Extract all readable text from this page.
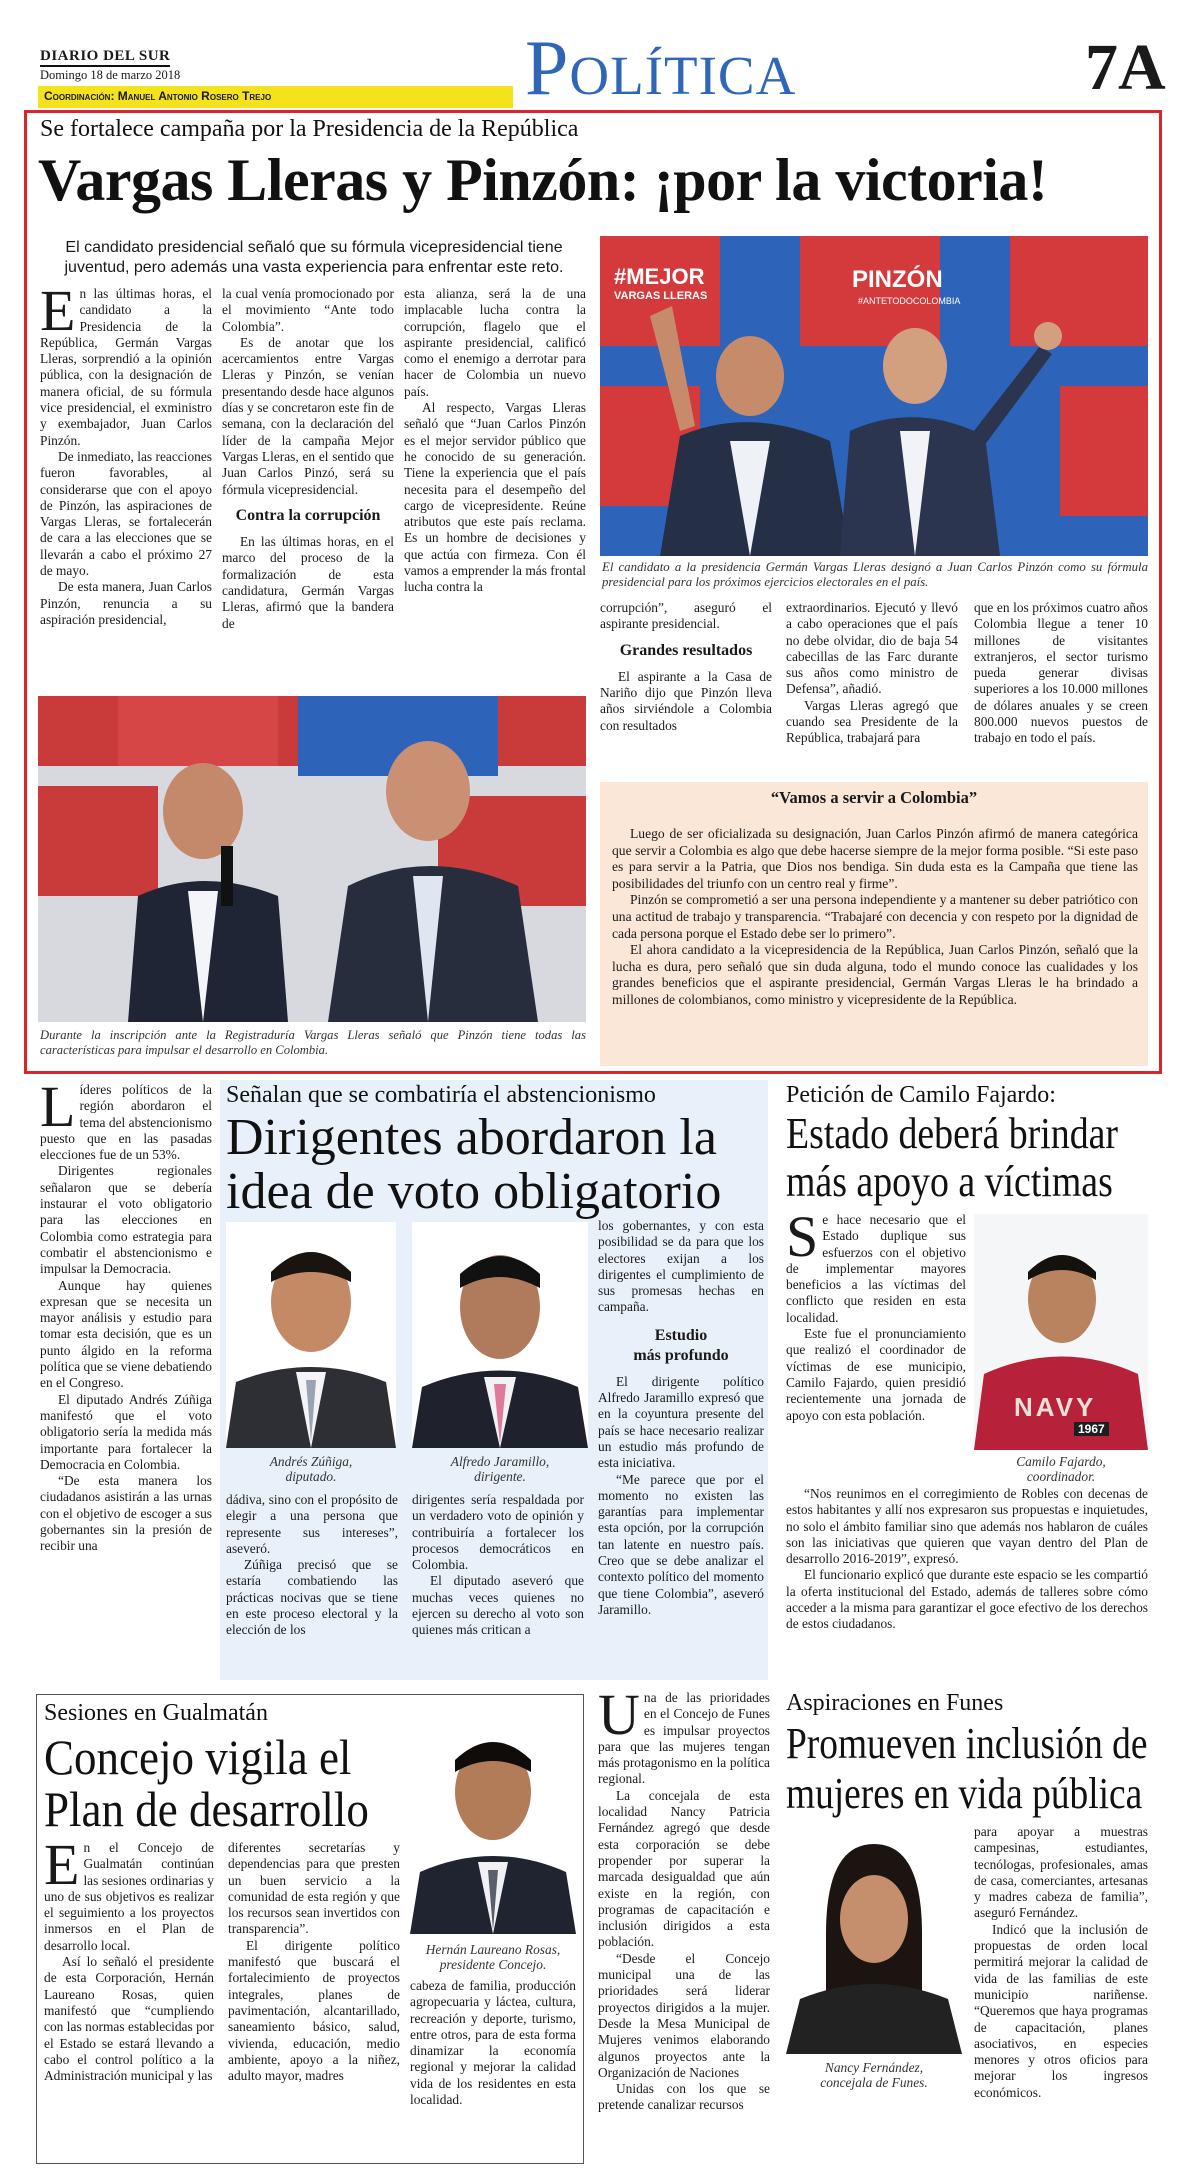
DIARIO DEL SUR
Domingo 18 de marzo 2018
Coordinación: Manuel Antonio Rosero Trejo	Política	7A
Se fortalece campaña por la Presidencia de la República
Vargas Lleras y Pinzón: ¡por la victoria!
El candidato presidencial señaló que su fórmula vicepresidencial tiene juventud, pero además una vasta experiencia para enfrentar este reto.
E n las últimas horas, el candidato a la Presidencia de la República, Germán Vargas Lleras, sorprendió a la opinión pública, con la designación de manera oficial, de su fórmula vice presidencial, el exministro y exembajador, Juan Carlos Pinzón.

De inmediato, las reacciones fueron favorables, al considerarse que con el apoyo de Pinzón, las aspiraciones de Vargas Lleras, se fortalecerán de cara a las elecciones que se llevarán a cabo el próximo 27 de mayo.

De esta manera, Juan Carlos Pinzón, renuncia a su aspiración presidencial,

la cual venía promocionado por el movimiento “Ante todo Colombia”.

Es de anotar que los acercamientos entre Vargas Lleras y Pinzón, se venían presentando desde hace algunos días y se concretaron este fin de semana, con la declaración del líder de la campaña Mejor Vargas Lleras, en el sentido que Juan Carlos Pinzó, será su fórmula vicepresidencial.

Contra la corrupción

En las últimas horas, en el marco del proceso de la formalización de esta candidatura, Germán Vargas Lleras, afirmó que la bandera de

esta alianza, será la de una implacable lucha contra la corrupción, flagelo que el aspirante presidencial, calificó como el enemigo a derrotar para hacer de Colombia un nuevo país.

Al respecto, Vargas Lleras señaló que “Juan Carlos Pinzón es el mejor servidor público que he conocido de su generación. Tiene la experiencia que el país necesita para el desempeño del cargo de vicepresidente. Reúne atributos que este país reclama. Es un hombre de decisiones y que actúa con firmeza. Con él vamos a emprender la más frontal lucha contra la

#MEJOR
VARGAS LLERAS
PINZÓN
#ANTETODOCOLOMBIA
El candidato a la presidencia Germán Vargas Lleras designó a Juan Carlos Pinzón como su fórmula presidencial para los próximos ejercicios electorales en el país.

corrupción”, aseguró el aspirante presidencial.

Grandes resultados

El aspirante a la Casa de Nariño dijo que Pinzón lleva años sirviéndole a Colombia con resultados

extraordinarios. Ejecutó y llevó a cabo operaciones que el país no debe olvidar, dio de baja 54 cabecillas de las Farc durante sus años como ministro de Defensa”, añadió.

Vargas Lleras agregó que cuando sea Presidente de la República, trabajará para

que en los próximos cuatro años Colombia llegue a tener 10 millones de visitantes extranjeros, el sector turismo pueda generar divisas superiores a los 10.000 millones de dólares anuales y se creen 800.000 nuevos puestos de trabajo en todo el país.

Durante la inscripción ante la Registraduría Vargas Lleras señaló que Pinzón tiene todas las características para impulsar el desarrollo en Colombia.
“Vamos a servir a Colombia”

Luego de ser oficializada su designación, Juan Carlos Pinzón afirmó de manera categórica que servir a Colombia es algo que debe hacerse siempre de la mejor forma posible. “Si este paso es para servir a la Patria, que Dios nos bendiga. Sin duda esta es la Campaña que tiene las posibilidades del triunfo con un centro real y firme”.

Pinzón se comprometió a ser una persona independiente y a mantener su deber patriótico con una actitud de trabajo y transparencia. “Trabajaré con decencia y con respeto por la dignidad de cada persona porque el Estado debe ser lo primero”.

El ahora candidato a la vicepresidencia de la República, Juan Carlos Pinzón, señaló que la lucha es dura, pero señaló que sin duda alguna, todo el mundo conoce las cualidades y los grandes beneficios que el aspirante presidencial, Germán Vargas Lleras le ha brindado a millones de colombianos, como ministro y vicepresidente de la República.

L íderes políticos de la región abordaron el tema del abstencionismo puesto que en las pasadas elecciones fue de un 53%.

Dirigentes regionales señalaron que se debería instaurar el voto obligatorio para las elecciones en Colombia como estrategia para combatir el abstencionismo e impulsar la Democracia.

Aunque hay quienes expresan que se necesita un mayor análisis y estudio para tomar esta decisión, que es un punto álgido en la reforma política que se viene debatiendo en el Congreso.

El diputado Andrés Zúñiga manifestó que el voto obligatorio sería la medida más importante para fortalecer la Democracia en Colombia.

“De esta manera los ciudadanos asistirán a las urnas con el objetivo de escoger a sus gobernantes sin la presión de recibir una

Señalan que se combatiría el abstencionismo
Dirigentes abordaron la
idea de voto obligatorio
Andrés Zúñiga,
diputado.
Alfredo Jaramillo,
dirigente.

dádiva, sino con el propósito de elegir a una persona que represente sus intereses”, aseveró.

Zúñiga precisó que se estaría combatiendo las prácticas nocivas que se tiene en este proceso electoral y la elección de los

dirigentes sería respaldada por un verdadero voto de opinión y contribuiría a fortalecer los procesos democráticos en Colombia.

El diputado aseveró que muchas veces quienes no ejercen su derecho al voto son quienes más critican a

los gobernantes, y con esta posibilidad se da para que los electores exijan a los dirigentes el cumplimiento de sus promesas hechas en campaña.

Estudio
más profundo

El dirigente político Alfredo Jaramillo expresó que en la coyuntura presente del país se hace necesario realizar un estudio más profundo de esta iniciativa.

“Me parece que por el momento no existen las garantías para implementar esta opción, por la corrupción tan latente en nuestro país. Creo que se debe analizar el contexto político del momento que tiene Colombia”, aseveró Jaramillo.

Petición de Camilo Fajardo:
Estado deberá brindar
más apoyo a víctimas
S e hace necesario que el Estado duplique sus esfuerzos con el objetivo de implementar mayores beneficios a las víctimas del conflicto que residen en esta localidad.

Este fue el pronunciamiento que realizó el coordinador de víctimas de ese municipio, Camilo Fajardo, quien presidió recientemente una jornada de apoyo con esta población.	NAVY
1967
Camilo Fajardo,
coordinador.

“Nos reunimos en el corregimiento de Robles con decenas de estos habitantes y allí nos expresaron sus propuestas e inquietudes, no solo el ámbito familiar sino que además nos hablaron de cuáles son las iniciativas que quieren que vayan dentro del Plan de desarrollo 2016-2019”, expresó.

El funcionario explicó que durante este espacio se les compartió la oferta institucional del Estado, además de talleres sobre cómo acceder a la misma para garantizar el goce efectivo de los derechos de estos ciudadanos.

Sesiones en Gualmatán
Concejo vigila el
Plan de desarrollo
Hernán Laureano Rosas,
presidente Concejo.
E n el Concejo de Gualmatán continúan las sesiones ordinarias y uno de sus objetivos es realizar el seguimiento a los proyectos inmersos en el Plan de desarrollo local.

Así lo señaló el presidente de esta Corporación, Hernán Laureano Rosas, quien manifestó que “cumpliendo con las normas establecidas por el Estado se estará llevando a cabo el control político a la Administración municipal y las

diferentes secretarías y dependencias para que presten un buen servicio a la comunidad de esta región y que los recursos sean invertidos con transparencia”.

El dirigente político manifestó que buscará el fortalecimiento de proyectos integrales, planes de pavimentación, alcantarillado, saneamiento básico, salud, vivienda, educación, medio ambiente, apoyo a la niñez, adulto mayor, madres

cabeza de familia, producción agropecuaria y láctea, cultura, recreación y deporte, turismo, entre otros, para de esta forma dinamizar la economía regional y mejorar la calidad vida de los residentes en esta localidad.

U na de las prioridades en el Concejo de Funes es impulsar proyectos para que las mujeres tengan más protagonismo en la política regional.

La concejala de esta localidad Nancy Patricia Fernández agregó que desde esta corporación se debe propender por superar la marcada desigualdad que aún existe en la región, con programas de capacitación e inclusión dirigidos a esta población.

“Desde el Concejo municipal una de las prioridades será liderar proyectos dirigidos a la mujer. Desde la Mesa Municipal de Mujeres venimos elaborando algunos proyectos ante la Organización de Naciones

Unidas con los que se pretende canalizar recursos

Aspiraciones en Funes
Promueven inclusión de
mujeres en vida pública
Nancy Fernández,
concejala de Funes.

para apoyar a muestras campesinas, estudiantes, tecnólogas, profesionales, amas de casa, comerciantes, artesanas y madres cabeza de familia”, aseguró Fernández.

Indicó que la inclusión de propuestas de orden local permitirá mejorar la calidad de vida de las familias de este municipio nariñense. “Queremos que haya programas de capacitación, planes asociativos, en especies menores y otros oficios para mejorar los ingresos económicos.
